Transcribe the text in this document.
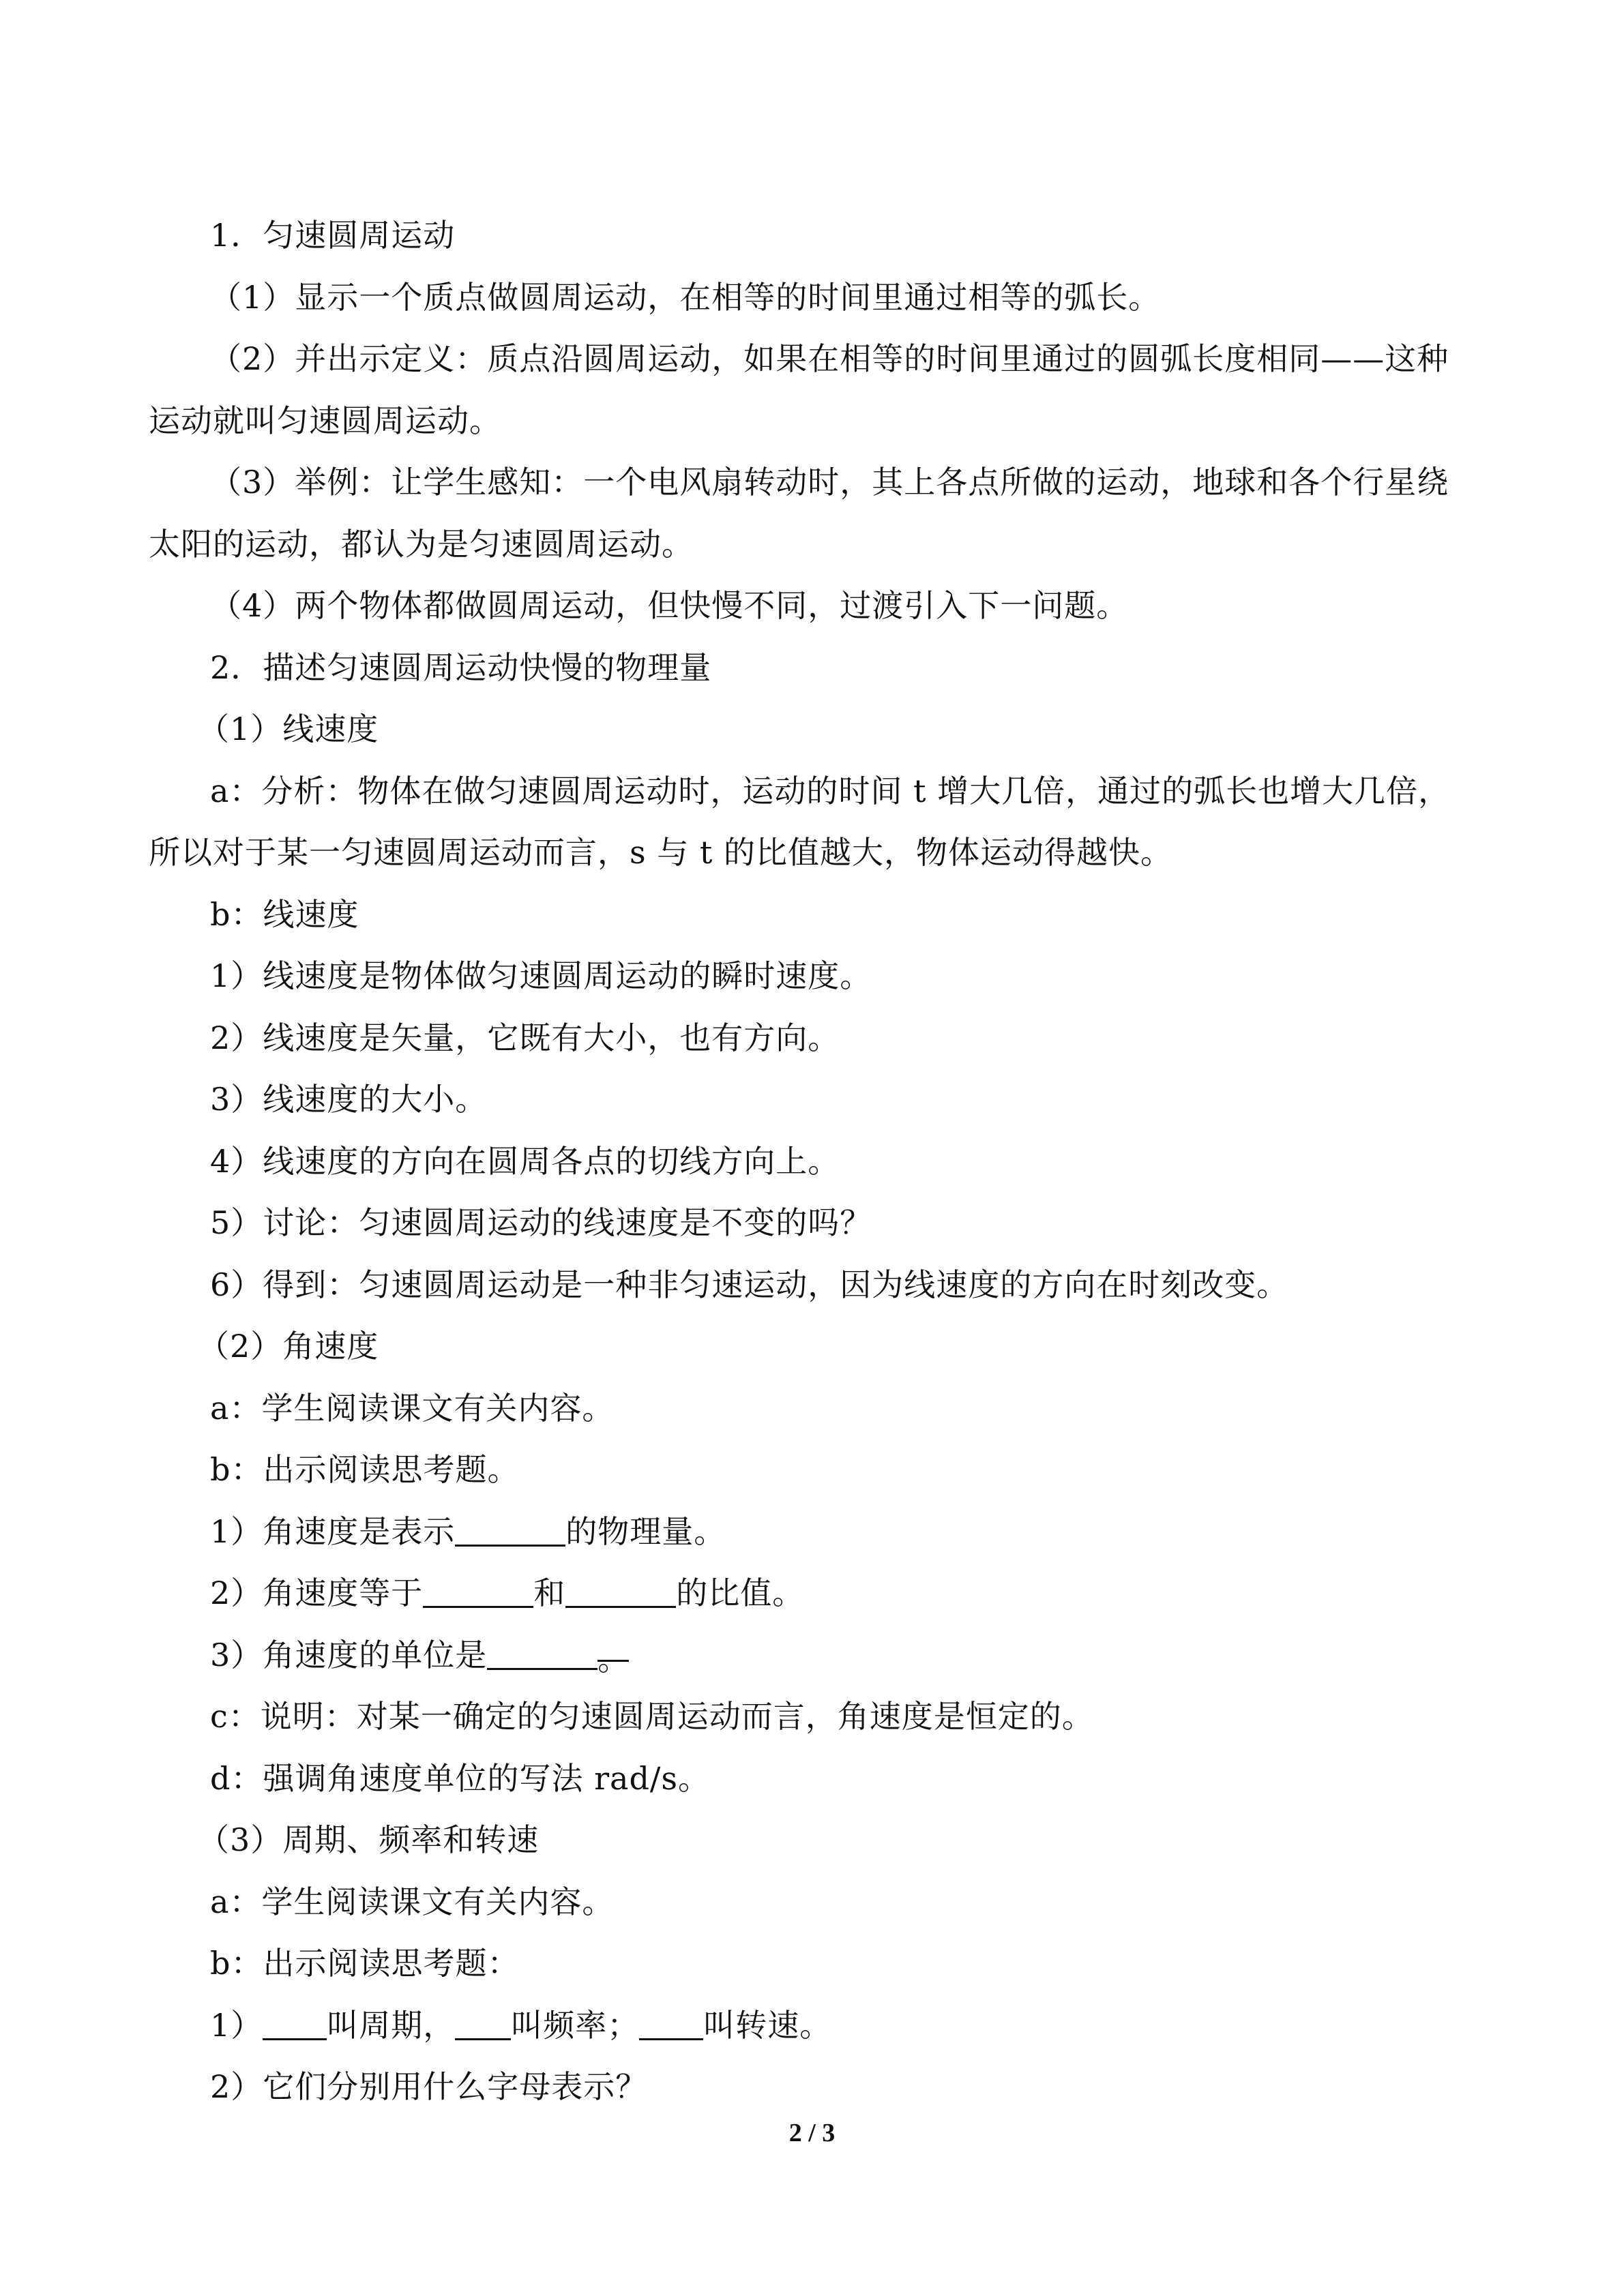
1．匀速圆周运动
（1）显示一个质点做圆周运动，在相等的时间里通过相等的弧长。
（2）并出示定义：质点沿圆周运动，如果在相等的时间里通过的圆弧长度相同——这种
运动就叫匀速圆周运动。
（3）举例：让学生感知：一个电风扇转动时，其上各点所做的运动，地球和各个行星绕
太阳的运动，都认为是匀速圆周运动。
（4）两个物体都做圆周运动，但快慢不同，过渡引入下一问题。
2．描述匀速圆周运动快慢的物理量
（1）线速度
a：分析：物体在做匀速圆周运动时，运动的时间 t 增大几倍，通过的弧长也增大几倍，
所以对于某一匀速圆周运动而言，s 与 t 的比值越大，物体运动得越快。
b：线速度
1）线速度是物体做匀速圆周运动的瞬时速度。
2）线速度是矢量，它既有大小，也有方向。
3）线速度的大小。
4）线速度的方向在圆周各点的切线方向上。
5）讨论：匀速圆周运动的线速度是不变的吗？
6）得到：匀速圆周运动是一种非匀速运动，因为线速度的方向在时刻改变。
（2）角速度
a：学生阅读课文有关内容。
b：出示阅读思考题。
1）角速度是表示	的物理量。
2）角速度等于	和	的比值。
3）角速度的单位是	。
c：说明：对某一确定的匀速圆周运动而言，角速度是恒定的。
d：强调角速度单位的写法 rad/s。
（3）周期、频率和转速
a：学生阅读课文有关内容。
b：出示阅读思考题：
1） 叫周期， 叫频率； 叫转速。
2）它们分别用什么字母表示？
2 / 3
